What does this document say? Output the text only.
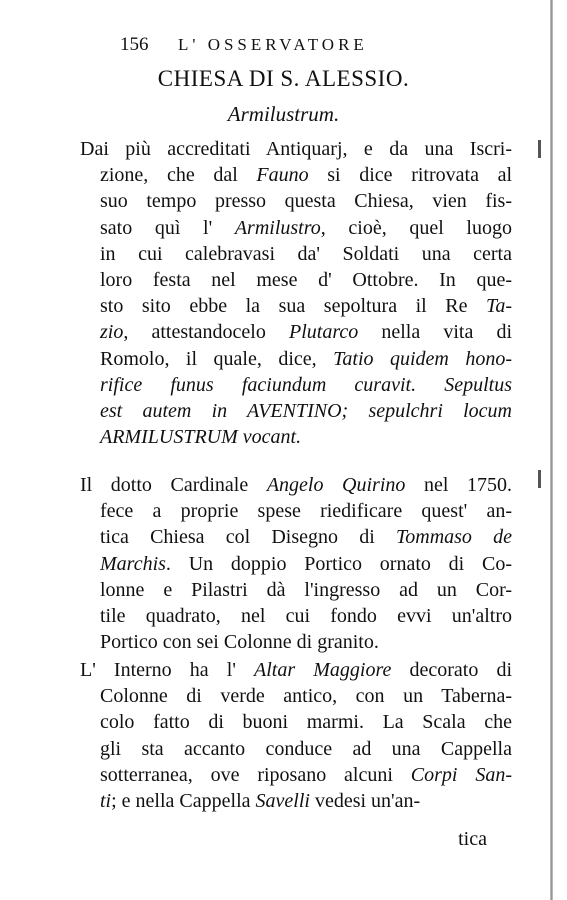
156 L' OSSERVATORE
CHIESA DI S. ALESSIO.
Armilustrum.
Dai più accreditati Antiquarj, e da una Iscri-
zione, che dal Fauno si dice ritrovata al
suo tempo presso questa Chiesa, vien fis-
sato quì l' Armilustro, cioè, quel luogo
in cui calebravasi da' Soldati una certa
loro festa nel mese d' Ottobre. In que-
sto sito ebbe la sua sepoltura il Re Ta-
zio, attestandocelo Plutarco nella vita di
Romolo, il quale, dice, Tatio quidem hono-
rifice funus faciundum curavit. Sepultus
est autem in AVENTINO; sepulchri locum
ARMILUSTRUM vocant.
Il dotto Cardinale Angelo Quirino nel 1750.
fece a proprie spese riedificare quest' an-
tica Chiesa col Disegno di Tommaso de
Marchis. Un doppio Portico ornato di Co-
lonne e Pilastri dà l'ingresso ad un Cor-
tile quadrato, nel cui fondo evvi un'altro
Portico con sei Colonne di granito.
L' Interno ha l' Altar Maggiore decorato di
Colonne di verde antico, con un Taberna-
colo fatto di buoni marmi. La Scala che
gli sta accanto conduce ad una Cappella
sotterranea, ove riposano alcuni Corpi San-
ti; e nella Cappella Savelli vedesi un'an-
tica
